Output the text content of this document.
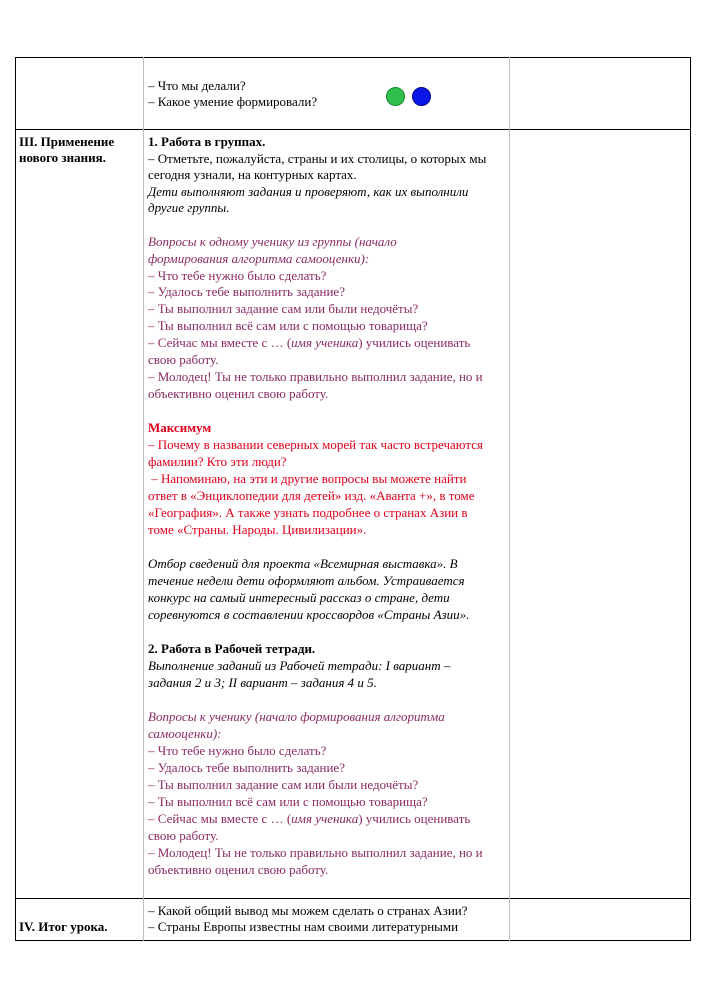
– Что мы делали?
– Какое умение формировали?
III. Применение
нового знания.
1. Работа в группах.
– Отметьте, пожалуйста, страны и их столицы, о которых мы
сегодня узнали, на контурных картах.
Дети выполняют задания и проверяют, как их выполнили
другие группы.
Вопросы к одному ученику из группы (начало
формирования алгоритма самооценки):
– Что тебе нужно было сделать?
– Удалось тебе выполнить задание?
– Ты выполнил задание сам или были недочёты?
– Ты выполнил всё сам или с помощью товарища?
– Сейчас мы вместе с … (имя ученика) учились оценивать
свою работу.
– Молодец! Ты не только правильно выполнил задание, но и
объективно оценил свою работу.
Максимум
– Почему в названии северных морей так часто встречаются
фамилии? Кто эти люди?
– Напоминаю, на эти и другие вопросы вы можете найти
ответ в «Энциклопедии для детей» изд. «Аванта +», в томе
«География». А также узнать подробнее о странах Азии в
томе «Страны. Народы. Цивилизации».
Отбор сведений для проекта «Всемирная выставка». В
течение недели дети оформляют альбом. Устраивается
конкурс на самый интересный рассказ о стране, дети
соревнуются в составлении кроссвордов «Страны Азии».
2. Работа в Рабочей тетради.
Выполнение заданий из Рабочей тетради: I вариант –
задания 2 и 3; II вариант – задания 4 и 5.
Вопросы к ученику (начало формирования алгоритма
самооценки):
– Что тебе нужно было сделать?
– Удалось тебе выполнить задание?
– Ты выполнил задание сам или были недочёты?
– Ты выполнил всё сам или с помощью товарища?
– Сейчас мы вместе с … (имя ученика) учились оценивать
свою работу.
– Молодец! Ты не только правильно выполнил задание, но и
объективно оценил свою работу.
IV. Итог урока.
– Какой общий вывод мы можем сделать о странах Азии?
– Страны Европы известны нам своими литературными
